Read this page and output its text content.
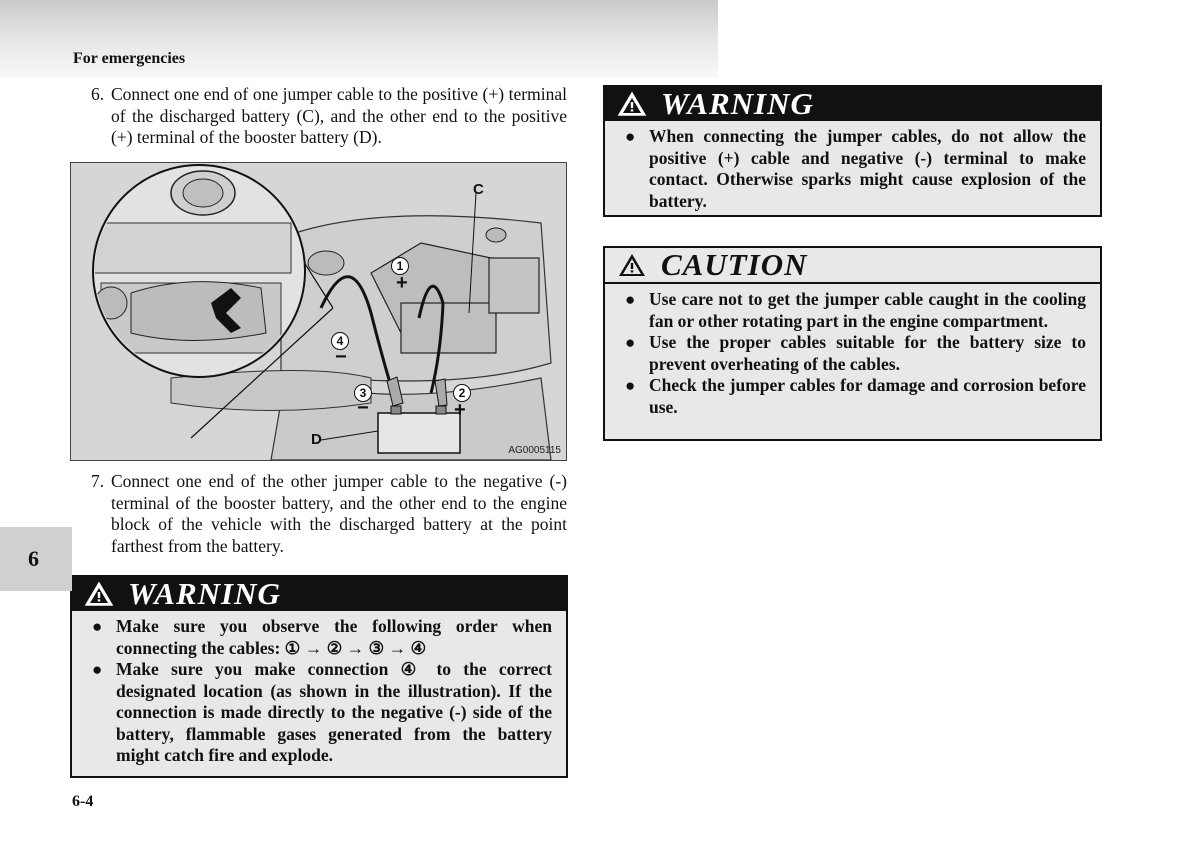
For emergencies
6. Connect one end of one jumper cable to the positive (+) terminal of the discharged battery (C), and the other end to the positive (+) terminal of the booster battery (D).
C
D
1
2
3
4
+
+
−
−
AG0005115
7. Connect one end of the other jumper cable to the negative (-) terminal of the booster battery, and the other end to the engine block of the vehicle with the discharged battery at the point farthest from the battery.
WARNING
● Make sure you observe the following order when connecting the cables: ① → ② → ③ → ④
● Make sure you make connection ④ to the correct designated location (as shown in the illustration). If the connection is made directly to the negative (-) side of the battery, flammable gases generated from the battery might catch fire and explode.
WARNING
● When connecting the jumper cables, do not allow the positive (+) cable and negative (-) terminal to make contact. Otherwise sparks might cause explosion of the battery.
CAUTION
● Use care not to get the jumper cable caught in the cooling fan or other rotating part in the engine compartment.
● Use the proper cables suitable for the battery size to prevent overheating of the cables.
● Check the jumper cables for damage and corrosion before use.
6
6-4
